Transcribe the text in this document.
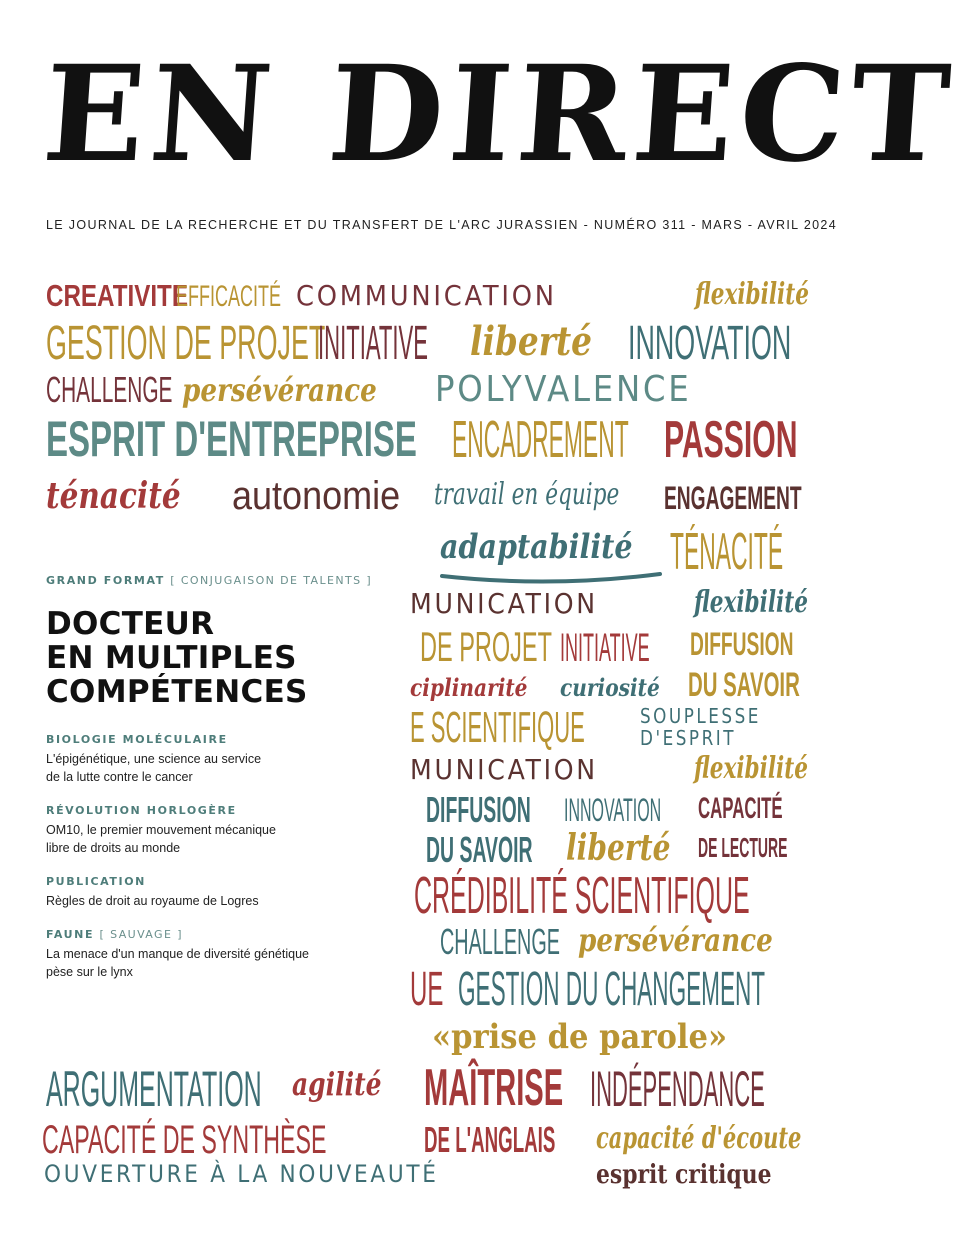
EN DIRECT
LE JOURNAL DE LA RECHERCHE ET DU TRANSFERT DE L'ARC JURASSIEN - NUMÉRO 311 - MARS - AVRIL 2024
CREATIVITE
EFFICACITÉ COMMUNICATION	flexibilité
GESTION DE PROJET
INITIATIVE liberté INNOVATION
CHALLENGE persévérance POLYVALENCE
ESPRIT D'ENTREPRISE ENCADREMENT PASSION
ténacité autonomie travail en équipe ENGAGEMENT
adaptabilité TÉNACITÉ
MUNICATION	flexibilité
DE PROJET INITIATIVE DIFFUSION
ciplinarité curiosité DU SAVOIR
E SCIENTIFIQUE	SOUPLESSE
D'ESPRIT
MUNICATION	flexibilité
DIFFUSION INNOVATION CAPACITÉ
DU SAVOIR liberté DE LECTURE
CRÉDIBILITÉ SCIENTIFIQUE
CHALLENGE persévérance
UE GESTION DU CHANGEMENT
«prise de parole»
ARGUMENTATION agilité MAÎTRISE INDÉPENDANCE
CAPACITÉ DE SYNTHÈSE	DE L'ANGLAIS capacité d'écoute
OUVERTURE À LA NOUVEAUTÉ	esprit critique
GRAND FORMAT [ CONJUGAISON DE TALENTS ]
DOCTEUR
EN MULTIPLES
COMPÉTENCES
BIOLOGIE MOLÉCULAIRE
L'épigénétique, une science au service
de la lutte contre le cancer
RÉVOLUTION HORLOGÈRE
OM10, le premier mouvement mécanique
libre de droits au monde
PUBLICATION
Règles de droit au royaume de Logres
FAUNE [ SAUVAGE ]
La menace d'un manque de diversité génétique
pèse sur le lynx
